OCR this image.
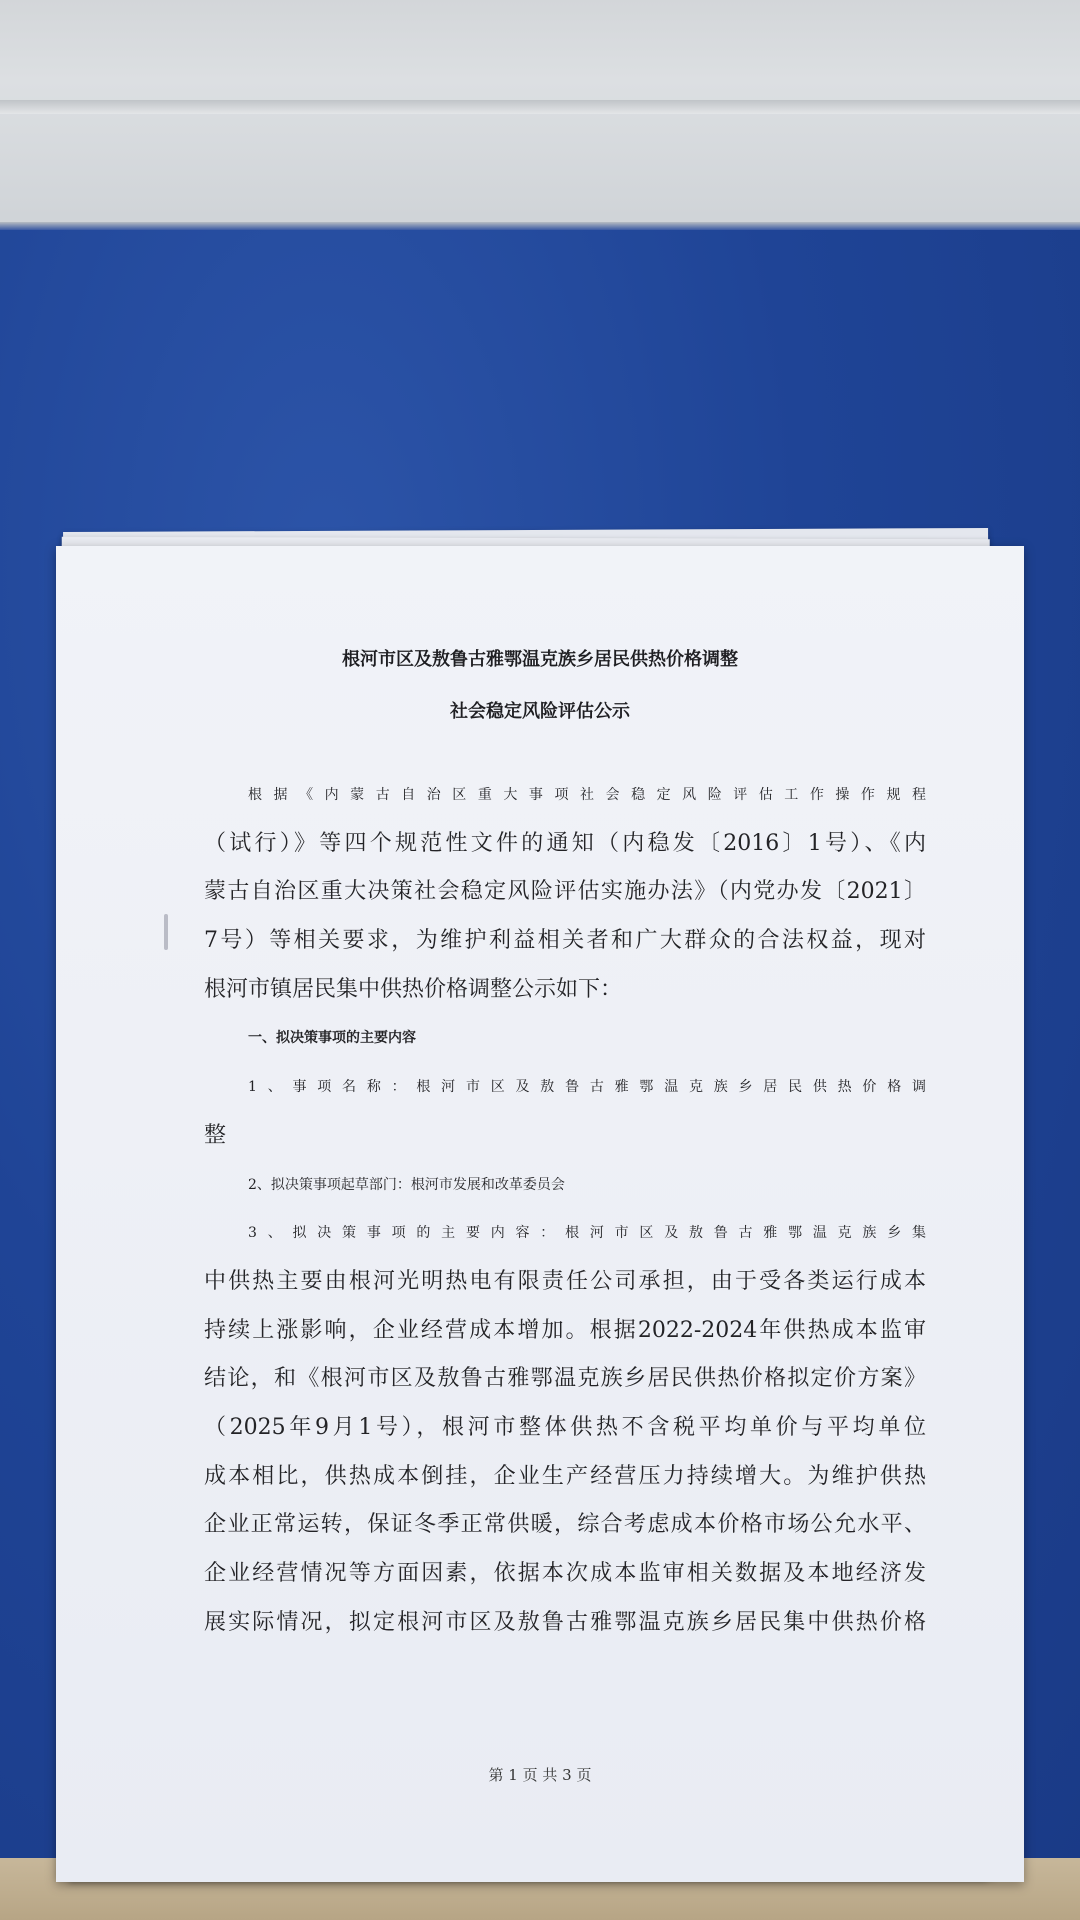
根河市区及敖鲁古雅鄂温克族乡居民供热价格调整
社会稳定风险评估公示
根据《内蒙古自治区重大事项社会稳定风险评估工作操作规程
（试行）》等四个规范性文件的通知（内稳发〔2016〕1号）、《内
蒙古自治区重大决策社会稳定风险评估实施办法》（内党办发〔2021〕
7号）等相关要求，为维护利益相关者和广大群众的合法权益，现对
根河市镇居民集中供热价格调整公示如下：
一、拟决策事项的主要内容
1、事项名称：根河市区及敖鲁古雅鄂温克族乡居民供热价格调
整
2、拟决策事项起草部门：根河市发展和改革委员会
3、拟决策事项的主要内容：根河市区及敖鲁古雅鄂温克族乡集
中供热主要由根河光明热电有限责任公司承担，由于受各类运行成本
持续上涨影响，企业经营成本增加。根据2022-2024年供热成本监审
结论，和《根河市区及敖鲁古雅鄂温克族乡居民供热价格拟定价方案》
（2025年9月1号），根河市整体供热不含税平均单价与平均单位
成本相比，供热成本倒挂，企业生产经营压力持续增大。为维护供热
企业正常运转，保证冬季正常供暖，综合考虑成本价格市场公允水平、
企业经营情况等方面因素，依据本次成本监审相关数据及本地经济发
展实际情况，拟定根河市区及敖鲁古雅鄂温克族乡居民集中供热价格
第 1 页 共 3 页
